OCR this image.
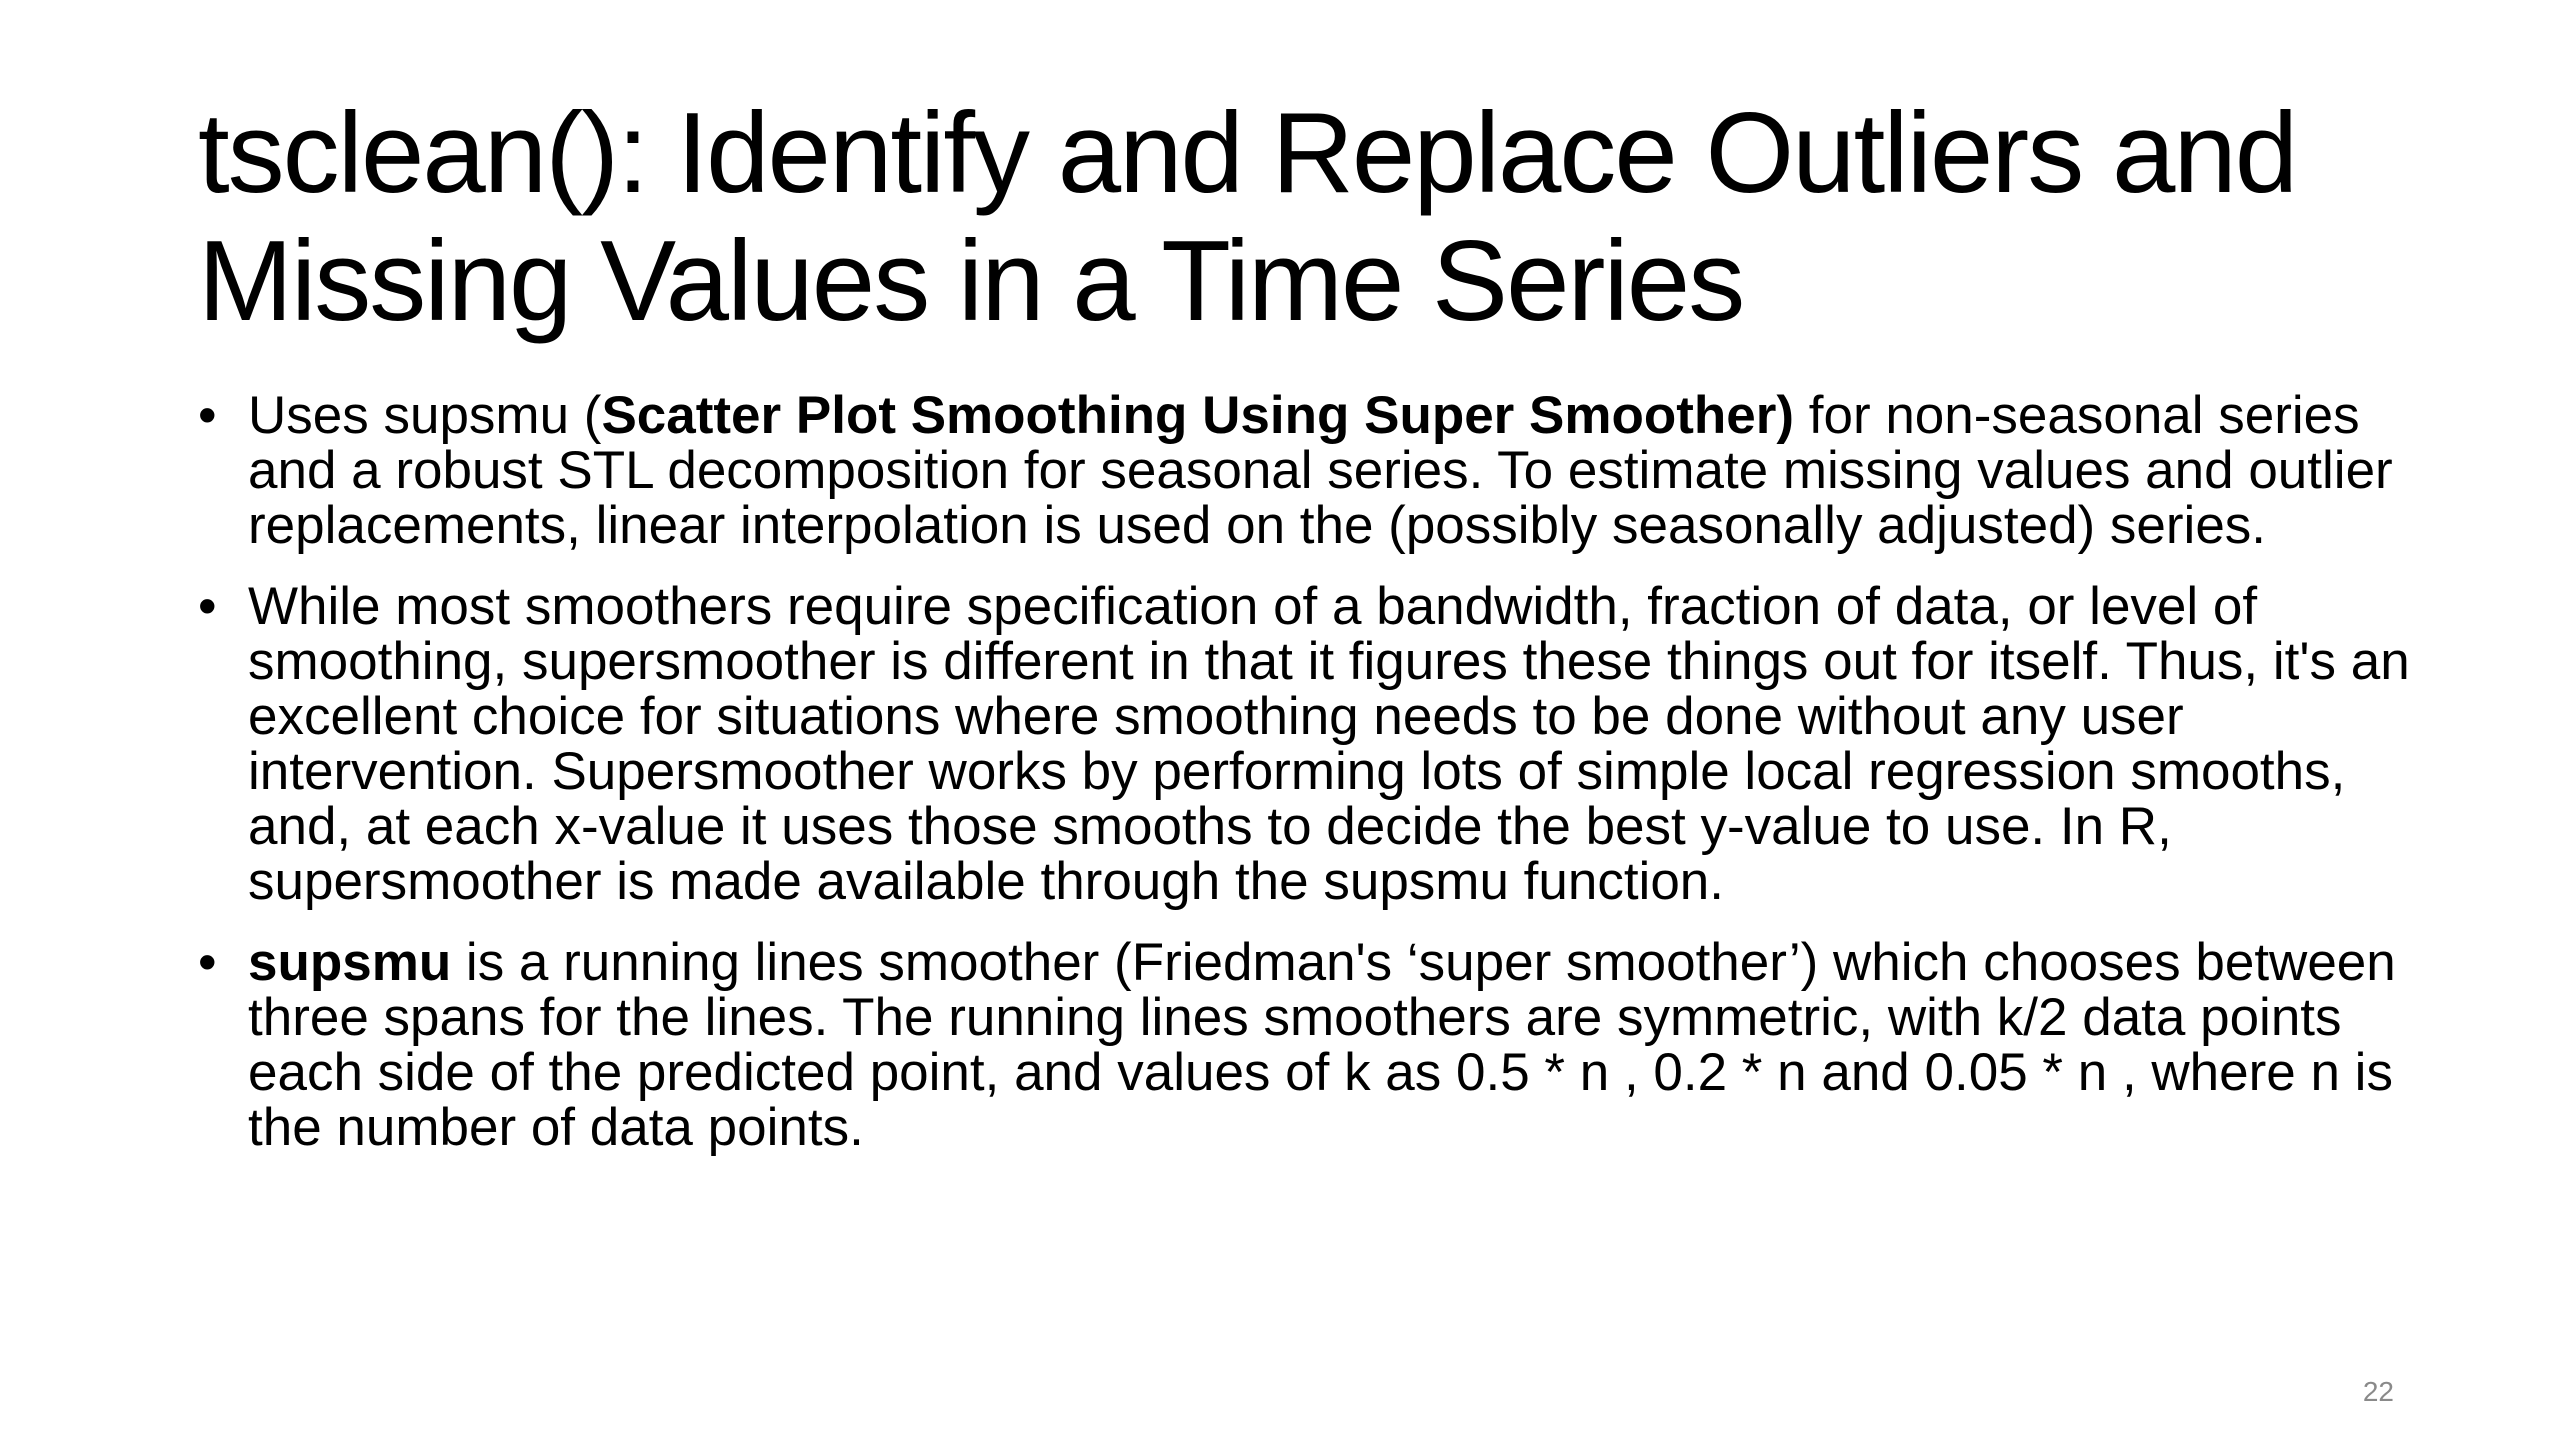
tsclean(): Identify and Replace Outliers and Missing Values in a Time Series
• Uses supsmu (Scatter Plot Smoothing Using Super Smoother) for non-seasonal series and a robust STL decomposition for seasonal series. To estimate missing values and outlier replacements, linear interpolation is used on the (possibly seasonally adjusted) series.
• While most smoothers require specification of a bandwidth, fraction of data, or level of smoothing, supersmoother is different in that it figures these things out for itself. Thus, it's an excellent choice for situations where smoothing needs to be done without any user intervention. Supersmoother works by performing lots of simple local regression smooths, and, at each x-value it uses those smooths to decide the best y-value to use. In R, supersmoother is made available through the supsmu function.
• supsmu is a running lines smoother (Friedman's ‘super smoother’) which chooses between three spans for the lines. The running lines smoothers are symmetric, with k/2 data points each side of the predicted point, and values of k as 0.5 * n , 0.2 * n and 0.05 * n , where n is the number of data points.
22
